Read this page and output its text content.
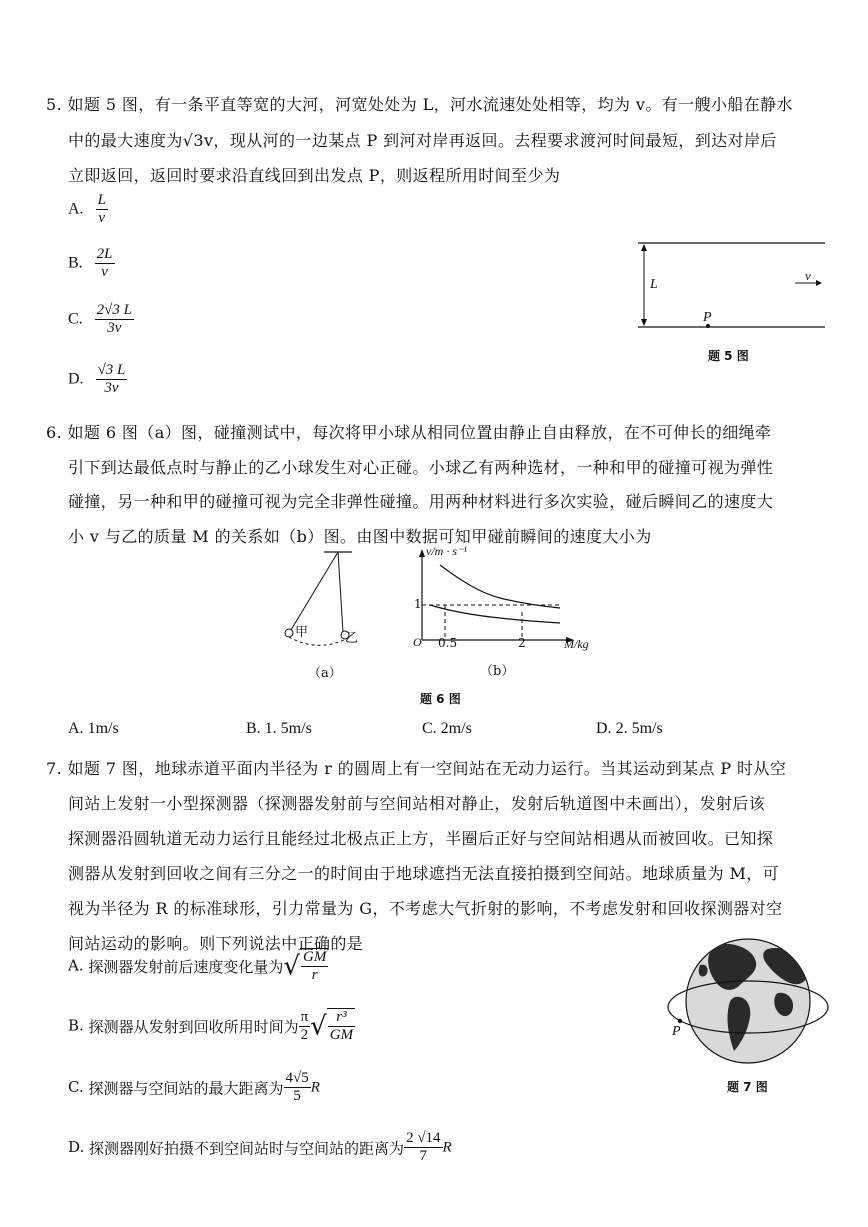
5. 如题 5 图，有一条平直等宽的大河，河宽处处为 L，河水流速处处相等，均为 v。有一艘小船在静水
中的最大速度为√3v，现从河的一边某点 P 到河对岸再返回。去程要求渡河时间最短，到达对岸后
立即返回，返回时要求沿直线回到出发点 P，则返程所用时间至少为
A. $\frac{L}{v}$
B. $\frac{2L}{v}$
C. $\frac{2√3 L}{3v}$
D. $\frac{√3 L}{3v}$
L
v
P
题 5 图
6. 如题 6 图（a）图，碰撞测试中，每次将甲小球从相同位置由静止自由释放，在不可伸长的细绳牵
引下到达最低点时与静止的乙小球发生对心正碰。小球乙有两种选材，一种和甲的碰撞可视为弹性
碰撞，另一种和甲的碰撞可视为完全非弹性碰撞。用两种材料进行多次实验，碰后瞬间乙的速度大
小 v 与乙的质量 M 的关系如（b）图。由图中数据可知甲碰前瞬间的速度大小为
甲	乙
（a）
v/m · s⁻¹
M/kg
O
1
0.5	2
（b）
题 6 图
A. 1m/s	B. 1. 5m/s	C. 2m/s	D. 2. 5m/s
7. 如题 7 图，地球赤道平面内半径为 r 的圆周上有一空间站在无动力运行。当其运动到某点 P 时从空
间站上发射一小型探测器（探测器发射前与空间站相对静止，发射后轨道图中未画出），发射后该
探测器沿圆轨道无动力运行且能经过北极点正上方，半圈后正好与空间站相遇从而被回收。已知探
测器从发射到回收之间有三分之一的时间由于地球遮挡无法直接拍摄到空间站。地球质量为 M，可
视为半径为 R 的标准球形，引力常量为 G，不考虑大气折射的影响，不考虑发射和回收探测器对空
间站运动的影响。则下列说法中正确的是
A. 探测器发射前后速度变化量为√ $\frac{GM}{r}$
B. 探测器从发射到回收所用时间为 $\frac{\pi}{2}$ √ $\frac{\text{r³}}{GM}$
C. 探测器与空间站的最大距离为 $\frac{4√5}{5}$ R
D. 探测器刚好拍摄不到空间站时与空间站的距离为 $\frac{2 √14}{7}$ R
P
题 7 图
